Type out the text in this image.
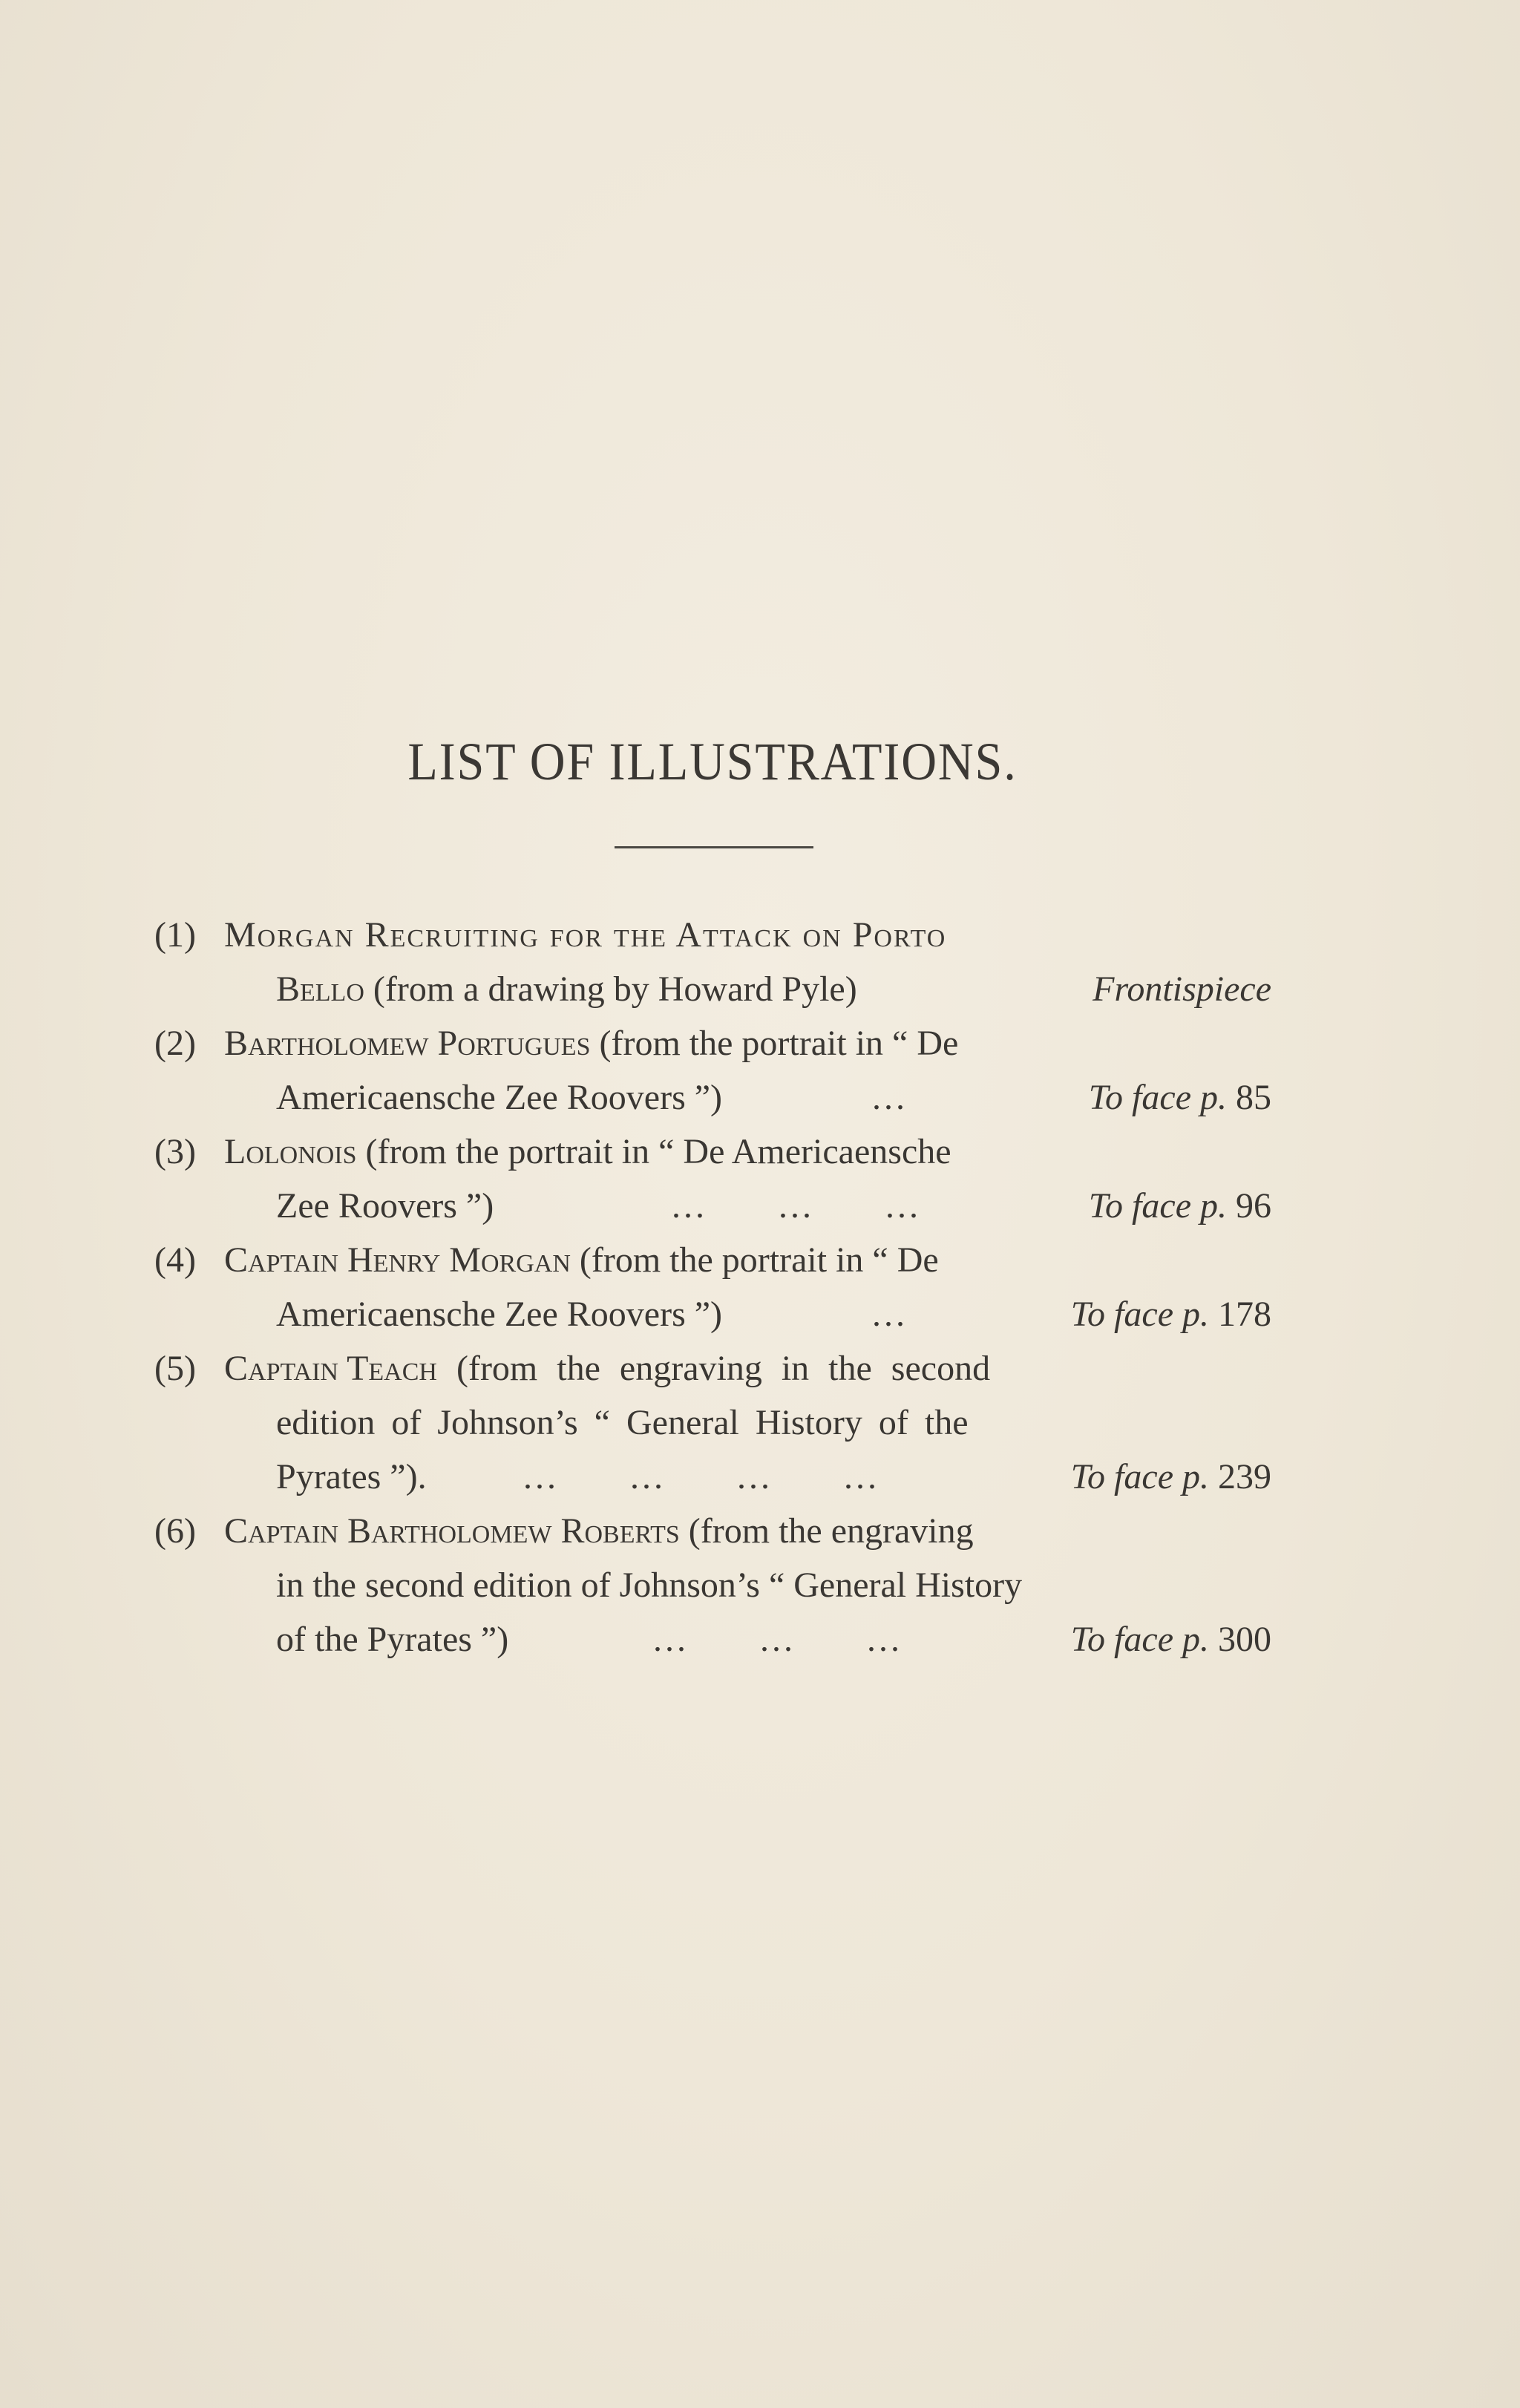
LIST OF ILLUSTRATIONS.
(1) Morgan Recruiting for the Attack on Porto
Bello (from a drawing by Howard Pyle)	Frontispiece
(2) Bartholomew Portugues (from the portrait in “ De
Americaensche Zee Roovers ”)	...	To face p. 85
(3) Lolonois (from the portrait in “ De Americaensche
Zee Roovers ”)	...      ...      ...	To face p. 96
(4) Captain Henry Morgan (from the portrait in “ De
Americaensche Zee Roovers ”)	...	To face p. 178
(5) Captain Teach (from the engraving in the second
edition of Johnson’s “ General History of the
Pyrates ”).	...      ...      ...      ...	To face p. 239
(6) Captain Bartholomew Roberts (from the engraving
in the second edition of Johnson’s “ General History
of the Pyrates ”)	...      ...      ...	To face p. 300
